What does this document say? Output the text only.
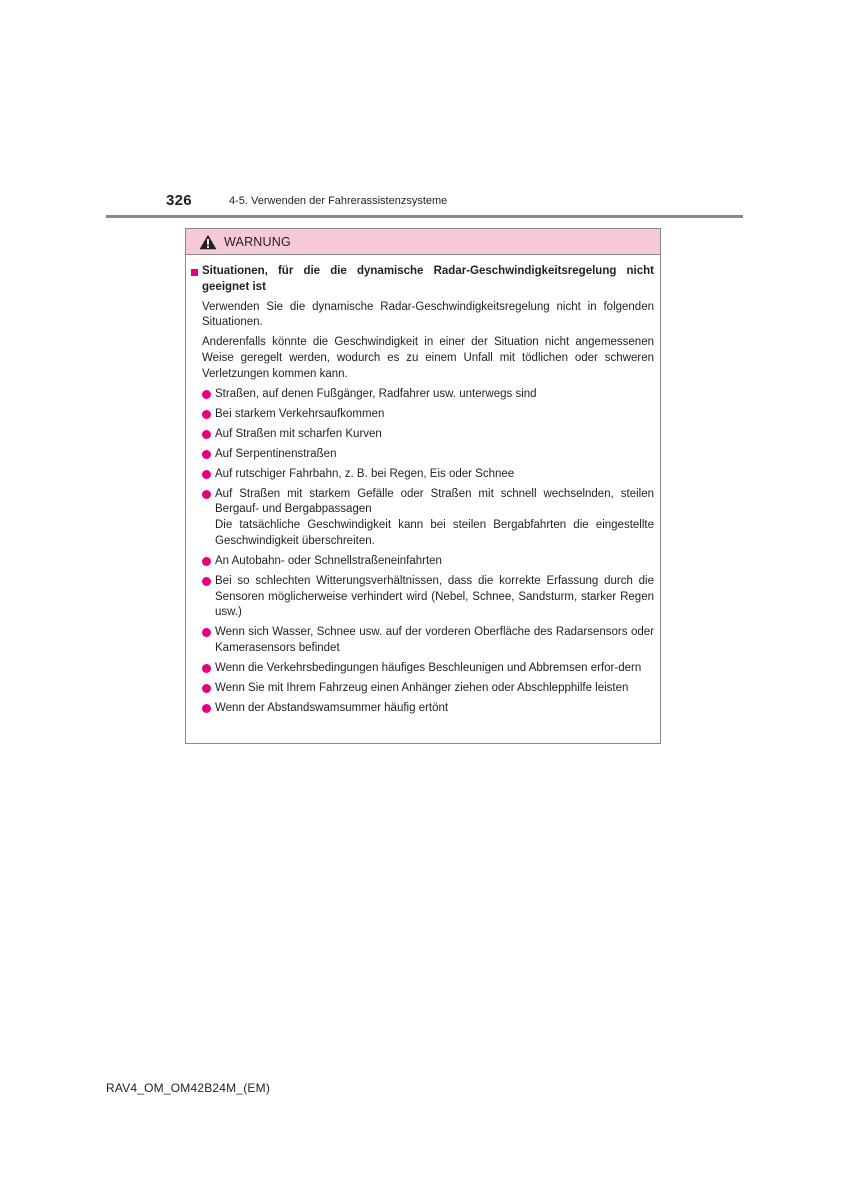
326	4-5. Verwenden der Fahrerassistenzsysteme
WARNUNG
Situationen, für die die dynamische Radar-Geschwindigkeitsregelung nicht geeignet ist
Verwenden Sie die dynamische Radar-Geschwindigkeitsregelung nicht in folgenden Situationen.
Anderenfalls könnte die Geschwindigkeit in einer der Situation nicht angemessenen Weise geregelt werden, wodurch es zu einem Unfall mit tödlichen oder schweren Verletzungen kommen kann.
Straßen, auf denen Fußgänger, Radfahrer usw. unterwegs sind
Bei starkem Verkehrsaufkommen
Auf Straßen mit scharfen Kurven
Auf Serpentinenstraßen
Auf rutschiger Fahrbahn, z. B. bei Regen, Eis oder Schnee
Auf Straßen mit starkem Gefälle oder Straßen mit schnell wechselnden, steilen Bergauf- und Bergabpassagen
Die tatsächliche Geschwindigkeit kann bei steilen Bergabfahrten die eingestellte Geschwindigkeit überschreiten.
An Autobahn- oder Schnellstraßeneinfahrten
Bei so schlechten Witterungsverhältnissen, dass die korrekte Erfassung durch die Sensoren möglicherweise verhindert wird (Nebel, Schnee, Sandsturm, starker Regen usw.)
Wenn sich Wasser, Schnee usw. auf der vorderen Oberfläche des Radarsensors oder Kamerasensors befindet
Wenn die Verkehrsbedingungen häufiges Beschleunigen und Abbremsen erfor-dern
Wenn Sie mit Ihrem Fahrzeug einen Anhänger ziehen oder Abschlepphilfe leisten
Wenn der Abstandswamsummer häufig ertönt
RAV4_OM_OM42B24M_(EM)
